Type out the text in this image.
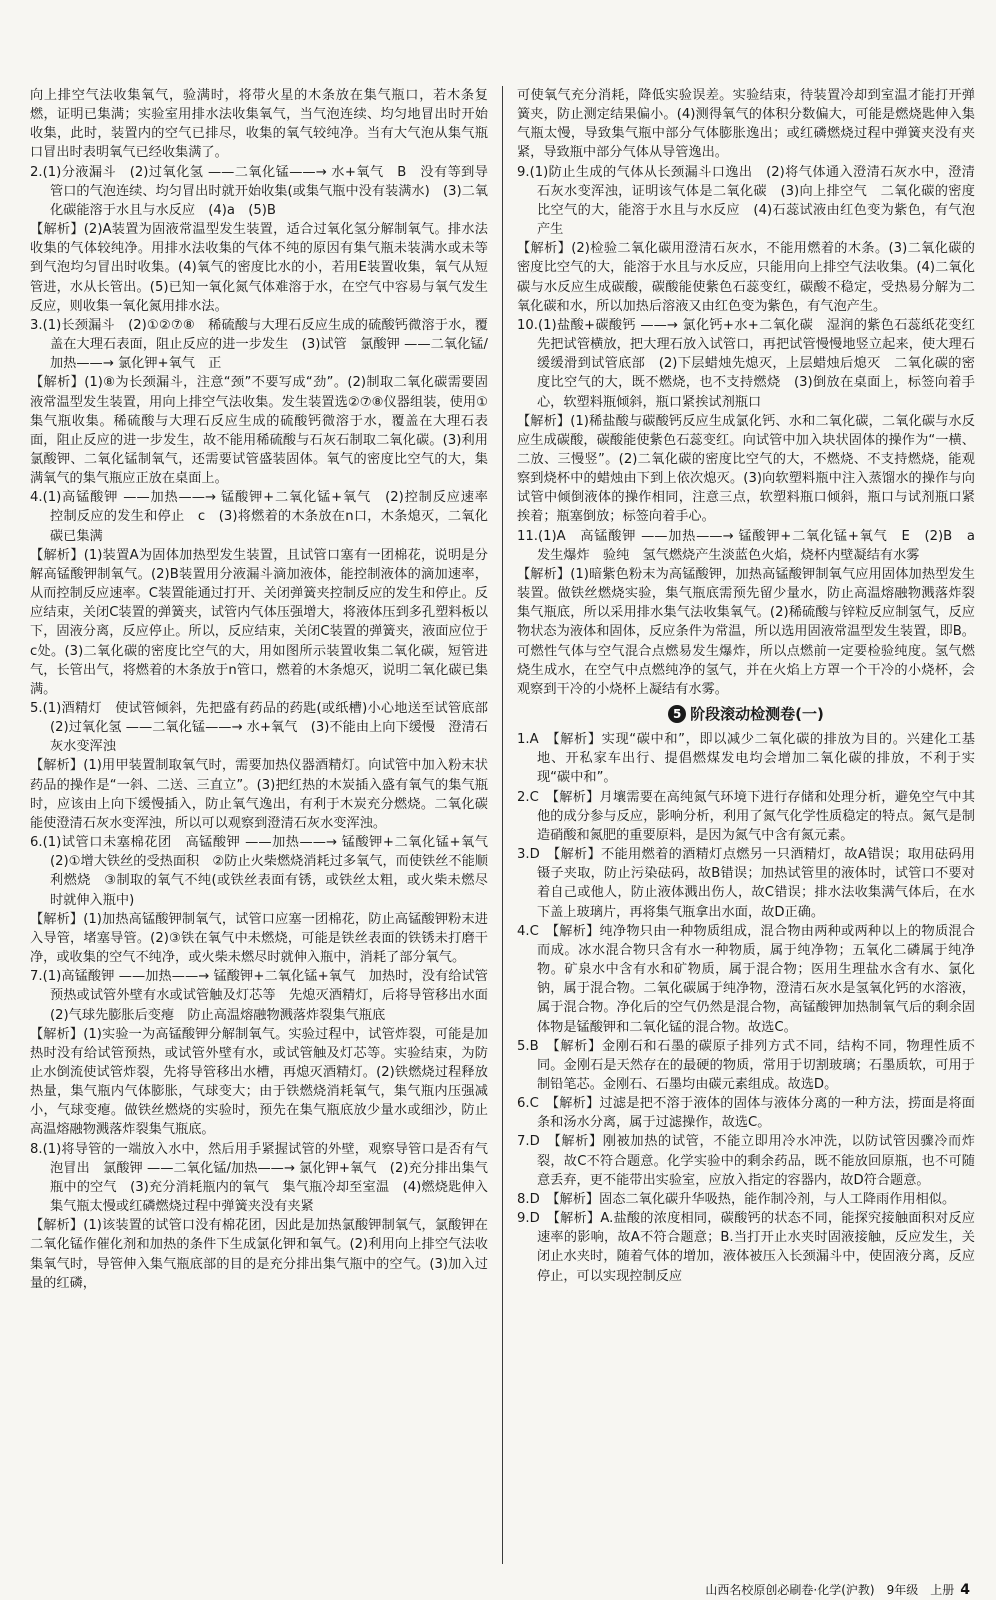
向上排空气法收集氧气，验满时，将带火星的木条放在集气瓶口，若木条复燃，证明已集满；实验室用排水法收集氧气，当气泡连续、均匀地冒出时开始收集，此时，装置内的空气已排尽，收集的氧气较纯净。当有大气泡从集气瓶口冒出时表明氧气已经收集满了。

2.(1)分液漏斗　(2)过氧化氢 ——二氧化锰——→ 水+氧气　B　没有等到导管口的气泡连续、均匀冒出时就开始收集(或集气瓶中没有装满水)　(3)二氧化碳能溶于水且与水反应　(4)a　(5)B

【解析】(2)A装置为固液常温型发生装置，适合过氧化氢分解制氧气。排水法收集的气体较纯净。用排水法收集的气体不纯的原因有集气瓶未装满水或未等到气泡均匀冒出时收集。(4)氧气的密度比水的小，若用E装置收集，氧气从短管进，水从长管出。(5)已知一氧化氮气体难溶于水，在空气中容易与氧气发生反应，则收集一氧化氮用排水法。

3.(1)长颈漏斗　(2)①②⑦⑧　稀硫酸与大理石反应生成的硫酸钙微溶于水，覆盖在大理石表面，阻止反应的进一步发生　(3)试管　氯酸钾 ——二氧化锰/加热——→ 氯化钾+氧气　正

【解析】(1)⑧为长颈漏斗，注意“颈”不要写成“劲”。(2)制取二氧化碳需要固液常温型发生装置，用向上排空气法收集。发生装置选②⑦⑧仪器组装，使用①集气瓶收集。稀硫酸与大理石反应生成的硫酸钙微溶于水，覆盖在大理石表面，阻止反应的进一步发生，故不能用稀硫酸与石灰石制取二氧化碳。(3)利用氯酸钾、二氧化锰制氧气，还需要试管盛装固体。氧气的密度比空气的大，集满氧气的集气瓶应正放在桌面上。

4.(1)高锰酸钾 ——加热——→ 锰酸钾+二氧化锰+氧气　(2)控制反应速率　控制反应的发生和停止　c　(3)将燃着的木条放在n口，木条熄灭，二氧化碳已集满

【解析】(1)装置A为固体加热型发生装置，且试管口塞有一团棉花，说明是分解高锰酸钾制氧气。(2)B装置用分液漏斗滴加液体，能控制液体的滴加速率，从而控制反应速率。C装置能通过打开、关闭弹簧夹控制反应的发生和停止。反应结束，关闭C装置的弹簧夹，试管内气体压强增大，将液体压到多孔塑料板以下，固液分离，反应停止。所以，反应结束，关闭C装置的弹簧夹，液面应位于c处。(3)二氧化碳的密度比空气的大，用如图所示装置收集二氧化碳，短管进气，长管出气，将燃着的木条放于n管口，燃着的木条熄灭，说明二氧化碳已集满。

5.(1)酒精灯　使试管倾斜，先把盛有药品的药匙(或纸槽)小心地送至试管底部　(2)过氧化氢 ——二氧化锰——→ 水+氧气　(3)不能由上向下缓慢　澄清石灰水变浑浊

【解析】(1)用甲装置制取氧气时，需要加热仪器酒精灯。向试管中加入粉末状药品的操作是“一斜、二送、三直立”。(3)把红热的木炭插入盛有氧气的集气瓶时，应该由上向下缓慢插入，防止氧气逸出，有利于木炭充分燃烧。二氧化碳能使澄清石灰水变浑浊，所以可以观察到澄清石灰水变浑浊。

6.(1)试管口未塞棉花团　高锰酸钾 ——加热——→ 锰酸钾+二氧化锰+氧气　(2)①增大铁丝的受热面积　②防止火柴燃烧消耗过多氧气，而使铁丝不能顺利燃烧　③制取的氧气不纯(或铁丝表面有锈，或铁丝太粗，或火柴未燃尽时就伸入瓶中)

【解析】(1)加热高锰酸钾制氧气，试管口应塞一团棉花，防止高锰酸钾粉末进入导管，堵塞导管。(2)③铁在氧气中未燃烧，可能是铁丝表面的铁锈未打磨干净，或收集的空气不纯净，或火柴未燃尽时就伸入瓶中，消耗了部分氧气。

7.(1)高锰酸钾 ——加热——→ 锰酸钾+二氧化锰+氧气　加热时，没有给试管预热或试管外壁有水或试管触及灯芯等　先熄灭酒精灯，后将导管移出水面　(2)气球先膨胀后变瘪　防止高温熔融物溅落炸裂集气瓶底

【解析】(1)实验一为高锰酸钾分解制氧气。实验过程中，试管炸裂，可能是加热时没有给试管预热，或试管外壁有水，或试管触及灯芯等。实验结束，为防止水倒流使试管炸裂，先将导管移出水槽，再熄灭酒精灯。(2)铁燃烧过程释放热量，集气瓶内气体膨胀，气球变大；由于铁燃烧消耗氧气，集气瓶内压强减小，气球变瘪。做铁丝燃烧的实验时，预先在集气瓶底放少量水或细沙，防止高温熔融物溅落炸裂集气瓶底。

8.(1)将导管的一端放入水中，然后用手紧握试管的外壁，观察导管口是否有气泡冒出　氯酸钾 ——二氧化锰/加热——→ 氯化钾+氧气　(2)充分排出集气瓶中的空气　(3)充分消耗瓶内的氧气　集气瓶冷却至室温　(4)燃烧匙伸入集气瓶太慢或红磷燃烧过程中弹簧夹没有夹紧

【解析】(1)该装置的试管口没有棉花团，因此是加热氯酸钾制氧气，氯酸钾在二氧化锰作催化剂和加热的条件下生成氯化钾和氧气。(2)利用向上排空气法收集氧气时，导管伸入集气瓶底部的目的是充分排出集气瓶中的空气。(3)加入过量的红磷，

可使氧气充分消耗，降低实验误差。实验结束，待装置冷却到室温才能打开弹簧夹，防止测定结果偏小。(4)测得氧气的体积分数偏大，可能是燃烧匙伸入集气瓶太慢，导致集气瓶中部分气体膨胀逸出；或红磷燃烧过程中弹簧夹没有夹紧，导致瓶中部分气体从导管逸出。

9.(1)防止生成的气体从长颈漏斗口逸出　(2)将气体通入澄清石灰水中，澄清石灰水变浑浊，证明该气体是二氧化碳　(3)向上排空气　二氧化碳的密度比空气的大，能溶于水且与水反应　(4)石蕊试液由红色变为紫色，有气泡产生

【解析】(2)检验二氧化碳用澄清石灰水，不能用燃着的木条。(3)二氧化碳的密度比空气的大，能溶于水且与水反应，只能用向上排空气法收集。(4)二氧化碳与水反应生成碳酸，碳酸能使紫色石蕊变红，碳酸不稳定，受热易分解为二氧化碳和水，所以加热后溶液又由红色变为紫色，有气泡产生。

10.(1)盐酸+碳酸钙 ——→ 氯化钙+水+二氧化碳　湿润的紫色石蕊纸花变红　先把试管横放，把大理石放入试管口，再把试管慢慢地竖立起来，使大理石缓缓滑到试管底部　(2)下层蜡烛先熄灭，上层蜡烛后熄灭　二氧化碳的密度比空气的大，既不燃烧，也不支持燃烧　(3)倒放在桌面上，标签向着手心，软塑料瓶倾斜，瓶口紧挨试剂瓶口

【解析】(1)稀盐酸与碳酸钙反应生成氯化钙、水和二氧化碳，二氧化碳与水反应生成碳酸，碳酸能使紫色石蕊变红。向试管中加入块状固体的操作为“一横、二放、三慢竖”。(2)二氧化碳的密度比空气的大，不燃烧、不支持燃烧，能观察到烧杯中的蜡烛由下到上依次熄灭。(3)向软塑料瓶中注入蒸馏水的操作与向试管中倾倒液体的操作相同，注意三点，软塑料瓶口倾斜，瓶口与试剂瓶口紧挨着；瓶塞倒放；标签向着手心。

11.(1)A　高锰酸钾 ——加热——→ 锰酸钾+二氧化锰+氧气　E　(2)B　a　发生爆炸　验纯　氢气燃烧产生淡蓝色火焰，烧杯内壁凝结有水雾

【解析】(1)暗紫色粉末为高锰酸钾，加热高锰酸钾制氧气应用固体加热型发生装置。做铁丝燃烧实验，集气瓶底需预先留少量水，防止高温熔融物溅落炸裂集气瓶底，所以采用排水集气法收集氧气。(2)稀硫酸与锌粒反应制氢气，反应物状态为液体和固体，反应条件为常温，所以选用固液常温型发生装置，即B。可燃性气体与空气混合点燃易发生爆炸，所以点燃前一定要检验纯度。氢气燃烧生成水，在空气中点燃纯净的氢气，并在火焰上方罩一个干冷的小烧杯，会观察到干冷的小烧杯上凝结有水雾。

5 阶段滚动检测卷(一)

1.A　【解析】实现“碳中和”，即以减少二氧化碳的排放为目的。兴建化工基地、开私家车出行、提倡燃煤发电均会增加二氧化碳的排放，不利于实现“碳中和”。

2.C　【解析】月壤需要在高纯氮气环境下进行存储和处理分析，避免空气中其他的成分参与反应，影响分析，利用了氮气化学性质稳定的特点。氮气是制造硝酸和氮肥的重要原料，是因为氮气中含有氮元素。

3.D　【解析】不能用燃着的酒精灯点燃另一只酒精灯，故A错误；取用砝码用镊子夹取，防止污染砝码，故B错误；加热试管里的液体时，试管口不要对着自己或他人，防止液体溅出伤人，故C错误；排水法收集满气体后，在水下盖上玻璃片，再将集气瓶拿出水面，故D正确。

4.C　【解析】纯净物只由一种物质组成，混合物由两种或两种以上的物质混合而成。冰水混合物只含有水一种物质，属于纯净物；五氧化二磷属于纯净物。矿泉水中含有水和矿物质，属于混合物；医用生理盐水含有水、氯化钠，属于混合物。二氧化碳属于纯净物，澄清石灰水是氢氧化钙的水溶液，属于混合物。净化后的空气仍然是混合物，高锰酸钾加热制氧气后的剩余固体物是锰酸钾和二氧化锰的混合物。故选C。

5.B　【解析】金刚石和石墨的碳原子排列方式不同，结构不同，物理性质不同。金刚石是天然存在的最硬的物质，常用于切割玻璃；石墨质软，可用于制铅笔芯。金刚石、石墨均由碳元素组成。故选D。

6.C　【解析】过滤是把不溶于液体的固体与液体分离的一种方法，捞面是将面条和汤水分离，属于过滤操作，故选C。

7.D　【解析】刚被加热的试管，不能立即用冷水冲洗，以防试管因骤冷而炸裂，故C不符合题意。化学实验中的剩余药品，既不能放回原瓶，也不可随意丢弃，更不能带出实验室，应放入指定的容器内，故D符合题意。

8.D　【解析】固态二氧化碳升华吸热，能作制冷剂，与人工降雨作用相似。

9.D　【解析】A.盐酸的浓度相同，碳酸钙的状态不同，能探究接触面积对反应速率的影响，故A不符合题意；B.当打开止水夹时固液接触，反应发生，关闭止水夹时，随着气体的增加，液体被压入长颈漏斗中，使固液分离，反应停止，可以实现控制反应

山西名校原创必刷卷·化学(沪教)　9年级　上册 4
